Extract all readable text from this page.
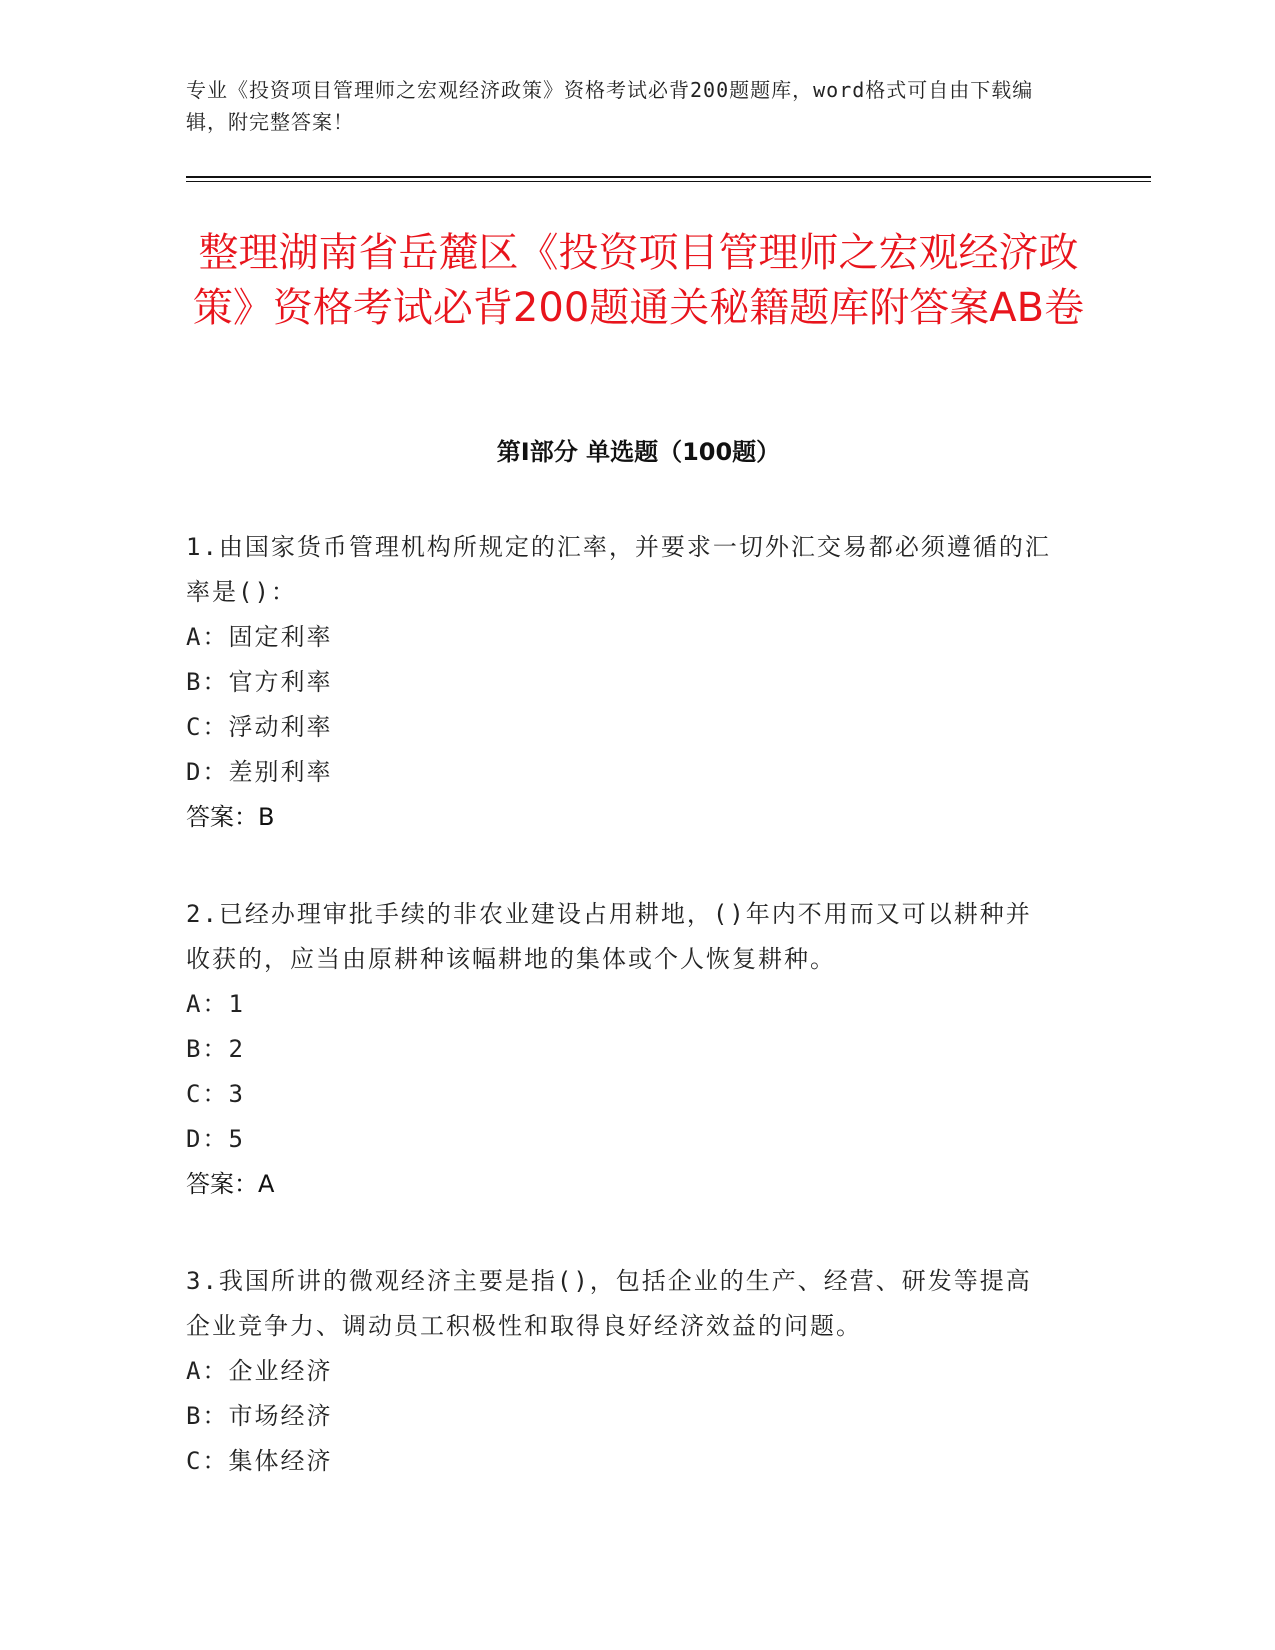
专业《投资项目管理师之宏观经济政策》资格考试必背200题题库，word格式可自由下载编辑，附完整答案！
整理湖南省岳麓区《投资项目管理师之宏观经济政策》资格考试必背200题通关秘籍题库附答案AB卷
第Ⅰ部分 单选题（100题）
1.由国家货币管理机构所规定的汇率，并要求一切外汇交易都必须遵循的汇率是()：
A：固定利率
B：官方利率
C：浮动利率
D：差别利率
答案：B
2.已经办理审批手续的非农业建设占用耕地，()年内不用而又可以耕种并收获的，应当由原耕种该幅耕地的集体或个人恢复耕种。
A：1
B：2
C：3
D：5
答案：A
3.我国所讲的微观经济主要是指()，包括企业的生产、经营、研发等提高企业竞争力、调动员工积极性和取得良好经济效益的问题。
A：企业经济
B：市场经济
C：集体经济
